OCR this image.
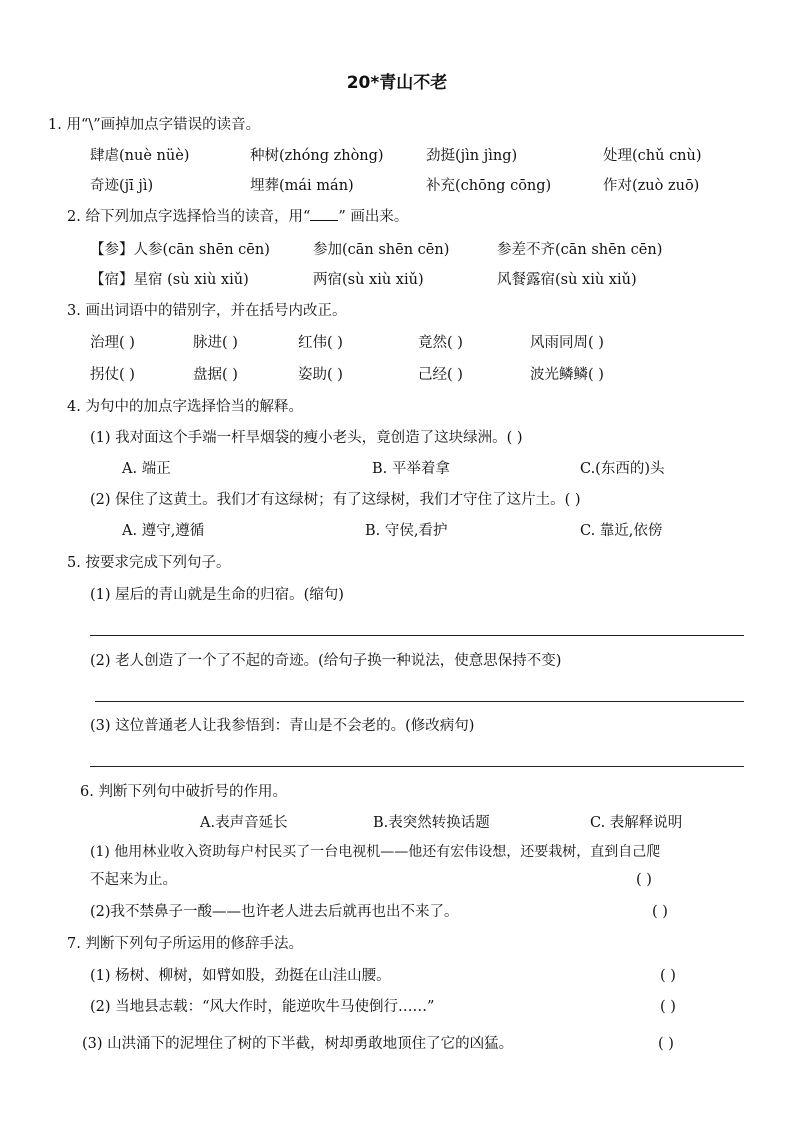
20*青山不老
1. 用“\”画掉加点字错误的读音。
肆虐(nuè nüè)	种树(zhóng zhòng)	劲挺(jìn jìng)	处理(chǔ cnù)
奇迹(jī jì)	埋葬(mái mán)	补充(chōng cōng)	作对(zuò zuō)
2. 给下列加点字选择恰当的读音，用“ ” 画出来。
【参】人参(cān shēn cēn)	参加(cān shēn cēn)	参差不齐(cān shēn cēn)
【宿】星宿 (sù xiù xiǔ)	两宿(sù xiù xiǔ)	风餐露宿(sù xiù xiǔ)
3. 画出词语中的错别字，并在括号内改正。
治理( )	脉进( )	红伟( )	竟然( )	风雨同周( )
拐仗( )	盘据( )	姿助( )	己经( )	波光鳞鳞( )
4. 为句中的加点字选择恰当的解释。
(1) 我对面这个手端一杆旱烟袋的瘦小老头，竟创造了这块绿洲。( )
A. 端正	B. 平举着拿	C.(东西的)头
(2) 保住了这黄土。我们才有这绿树；有了这绿树，我们才守住了这片土。( )
A. 遵守,遵循	B. 守侯,看护	C. 靠近,依傍
5. 按要求完成下列句子。
(1) 屋后的青山就是生命的归宿。(缩句)
(2) 老人创造了一个了不起的奇迹。(给句子换一种说法，使意思保持不变)
(3) 这位普通老人让我参悟到：青山是不会老的。(修改病句)
6. 判断下列句中破折号的作用。
A.表声音延长	B.表突然转换话题	C. 表解释说明
(1) 他用林业收入资助每户村民买了一台电视机——他还有宏伟设想，还要栽树，直到自己爬
不起来为止。	( )
(2)我不禁鼻子一酸——也许老人进去后就再也出不来了。	( )
7. 判断下列句子所运用的修辞手法。
(1) 杨树、柳树，如臂如股，劲挺在山洼山腰。	( )
(2) 当地县志载：“风大作时，能逆吹牛马使倒行……”	( )
(3) 山洪涌下的泥埋住了树的下半截，树却勇敢地顶住了它的凶猛。	( )
